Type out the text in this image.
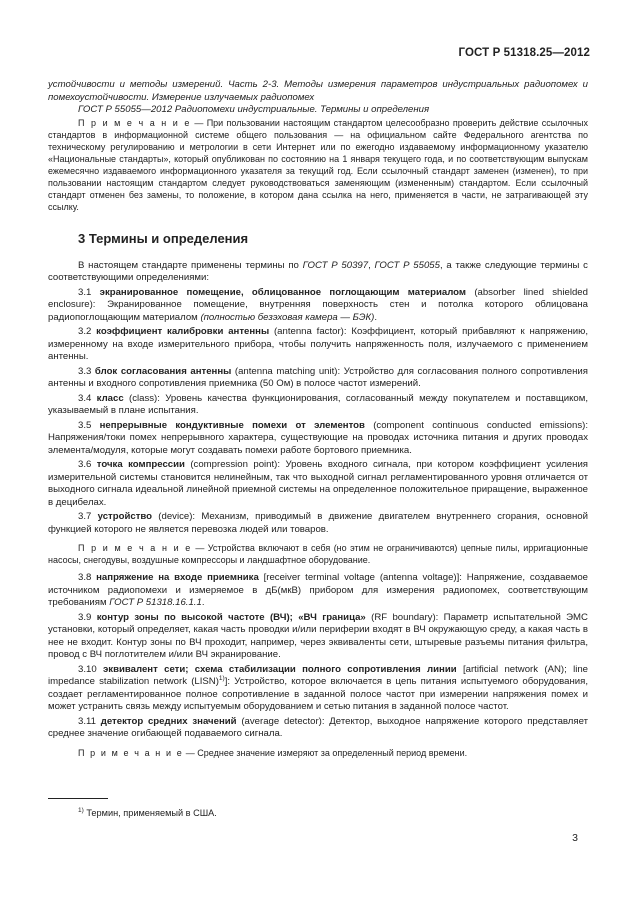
ГОСТ Р 51318.25—2012

устойчивости и методы измерений. Часть 2-3. Методы измерения параметров индустриальных радиопомех и помехоустойчивости. Измерение излучаемых радиопомех

ГОСТ Р 55055—2012 Радиопомехи индустриальные. Термины и определения

П р и м е ч а н и е — При пользовании настоящим стандартом целесообразно проверить действие ссылочных стандартов в информационной системе общего пользования — на официальном сайте Федерального агентства по техническому регулированию и метрологии в сети Интернет или по ежегодно издаваемому информационному указателю «Национальные стандарты», который опубликован по состоянию на 1 января текущего года, и по соответствующим выпускам ежемесячно издаваемого информационного указателя за текущий год. Если ссылочный стандарт заменен (изменен), то при пользовании настоящим стандартом следует руководствоваться заменяющим (измененным) стандартом. Если ссылочный стандарт отменен без замены, то положение, в котором дана ссылка на него, применяется в части, не затрагивающей эту ссылку.

3 Термины и определения

В настоящем стандарте применены термины по ГОСТ Р 50397, ГОСТ Р 55055, а также следующие термины с соответствующими определениями:

3.1 экранированное помещение, облицованное поглощающим материалом (absorber lined shielded enclosure): Экранированное помещение, внутренняя поверхность стен и потолка которого облицована радиопоглощающим материалом (полностью безэховая камера — БЭК).

3.2 коэффициент калибровки антенны (antenna factor): Коэффициент, который прибавляют к напряжению, измеренному на входе измерительного прибора, чтобы получить напряженность поля, излучаемого с применением антенны.

3.3 блок согласования антенны (antenna matching unit): Устройство для согласования полного сопротивления антенны и входного сопротивления приемника (50 Ом) в полосе частот измерений.

3.4 класс (class): Уровень качества функционирования, согласованный между покупателем и поставщиком, указываемый в плане испытания.

3.5 непрерывные кондуктивные помехи от элементов (component continuous conducted emissions): Напряжения/токи помех непрерывного характера, существующие на проводах источника питания и других проводах элемента/модуля, которые могут создавать помехи работе бортового приемника.

3.6 точка компрессии (compression point): Уровень входного сигнала, при котором коэффициент усиления измерительной системы становится нелинейным, так что выходной сигнал регламентированного уровня отличается от выходного сигнала идеальной линейной приемной системы на определенное положительное приращение, выраженное в децибелах.

3.7 устройство (device): Механизм, приводимый в движение двигателем внутреннего сгорания, основной функцией которого не является перевозка людей или товаров.

П р и м е ч а н и е — Устройства включают в себя (но этим не ограничиваются) цепные пилы, ирригационные насосы, снегодувы, воздушные компрессоры и ландшафтное оборудование.

3.8 напряжение на входе приемника [receiver terminal voltage (antenna voltage)]: Напряжение, создаваемое источником радиопомехи и измеряемое в дБ(мкВ) прибором для измерения радиопомех, соответствующим требованиям ГОСТ Р 51318.16.1.1.

3.9 контур зоны по высокой частоте (ВЧ); «ВЧ граница» (RF boundary): Параметр испытательной ЭМС установки, который определяет, какая часть проводки и/или периферии входят в ВЧ окружающую среду, а какая часть в нее не входит. Контур зоны по ВЧ проходит, например, через эквиваленты сети, штыревые разъемы питания фильтра, провод с ВЧ поглотителем и/или ВЧ экранирование.

3.10 эквивалент сети; схема стабилизации полного сопротивления линии [artificial network (AN); line impedance stabilization network (LISN)$^{1)}$]: Устройство, которое включается в цепь питания испытуемого оборудования, создает регламентированное полное сопротивление в заданной полосе частот при измерении напряжения помех и может устранить связь между испытуемым оборудованием и сетью питания в заданной полосе частот.

3.11 детектор средних значений (average detector): Детектор, выходное напряжение которого представляет среднее значение огибающей подаваемого сигнала.

П р и м е ч а н и е — Среднее значение измеряют за определенный период времени.

$^{1)}$ Термин, применяемый в США.
3
